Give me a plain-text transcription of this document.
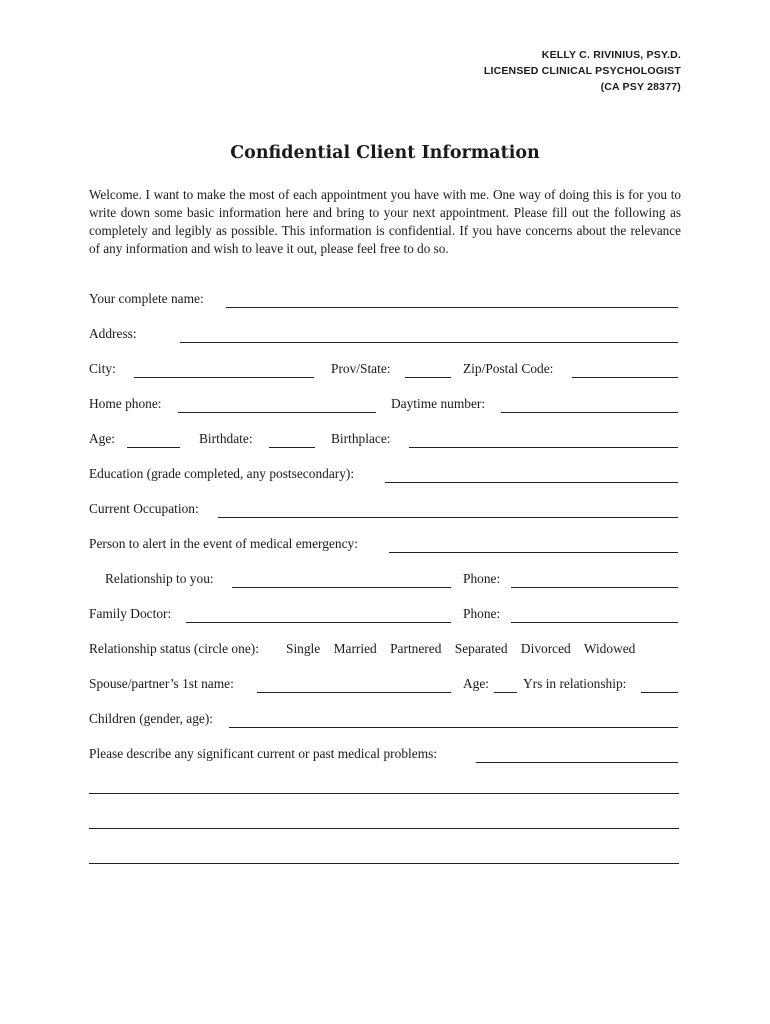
KELLY C. RIVINIUS, PSY.D.
LICENSED CLINICAL PSYCHOLOGIST
(CA PSY 28377)
Confidential Client Information
Welcome. I want to make the most of each appointment you have with me. One way of doing this is for you to write down some basic information here and bring to your next appointment. Please fill out the following as completely and legibly as possible. This information is confidential. If you have concerns about the relevance of any information and wish to leave it out, please feel free to do so.
Your complete name:
Address:
City:	Prov/State:	Zip/Postal Code:
Home phone:	Daytime number:
Age:	Birthdate:	Birthplace:
Education (grade completed, any postsecondary):
Current Occupation:
Person to alert in the event of medical emergency:
Relationship to you:	Phone:
Family Doctor:	Phone:
Relationship status (circle one): Single Married Partnered Separated Divorced Widowed
Spouse/partner’s 1st name:	Age:	Yrs in relationship:
Children (gender, age):
Please describe any significant current or past medical problems:
